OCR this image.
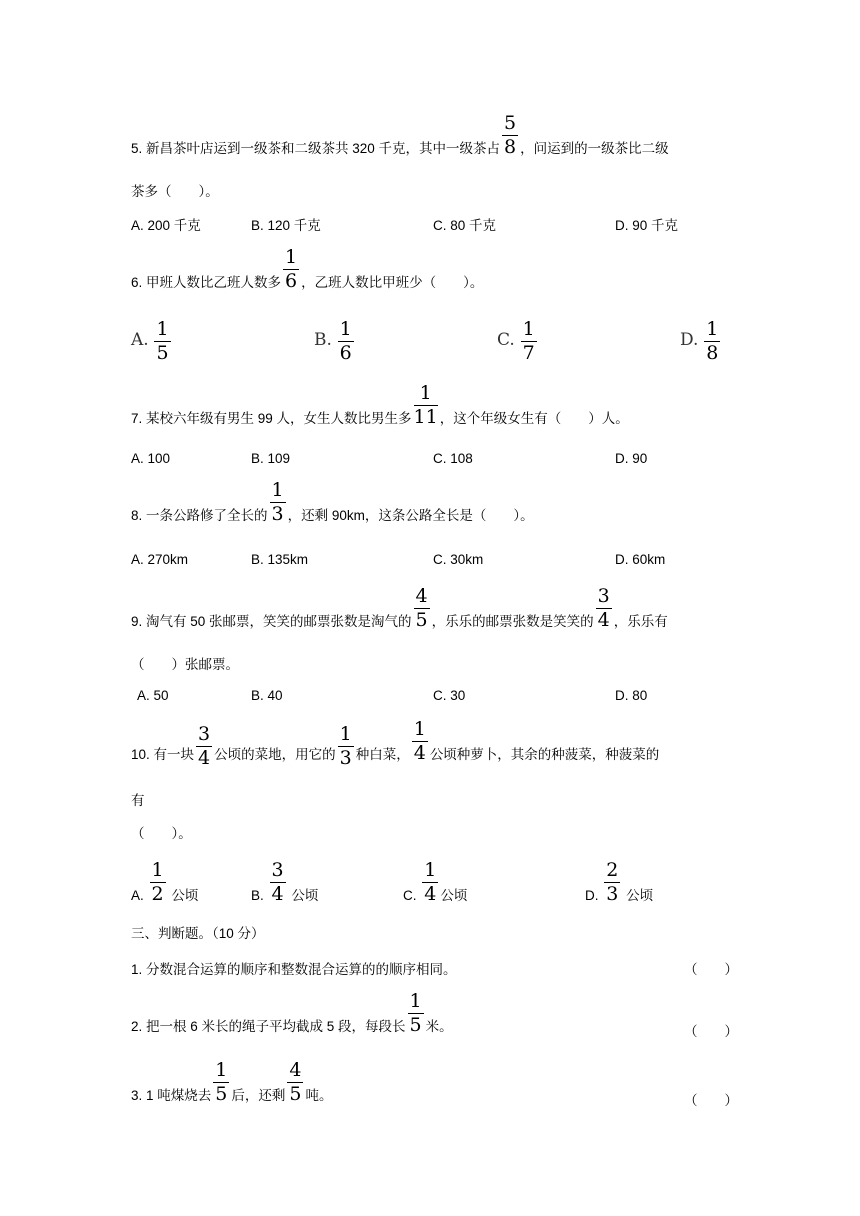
5. 新昌茶叶店运到一级茶和二级茶共 320 千克，其中一级茶占 $\frac{5}{8}$ ，问运到的一级茶比二级
茶多（　　）。
A. 200 千克	B. 120 千克	C. 80 千克	D. 90 千克
6. 甲班人数比乙班人数多 $\frac{1}{6}$ ，乙班人数比甲班少（　　）。
A. $\frac{1}{5}$	B. $\frac{1}{6}$	C. $\frac{1}{7}$	D. $\frac{1}{8}$
7. 某校六年级有男生 99 人，女生人数比男生多 $\frac{1}{11}$ ，这个年级女生有（　　）人。
A. 100	B. 109	C. 108	D. 90
8. 一条公路修了全长的 $\frac{1}{3}$ ，还剩 90km，这条公路全长是（　　）。
A. 270km	B. 135km	C. 30km	D. 60km
9. 淘气有 50 张邮票，笑笑的邮票张数是淘气的 $\frac{4}{5}$ ，乐乐的邮票张数是笑笑的 $\frac{3}{4}$ ，乐乐有
（　　）张邮票。
A. 50	B. 40	C. 30	D. 80
10. 有一块 $\frac{3}{4}$ 公顷的菜地，用它的 $\frac{1}{3}$ 种白菜， $\frac{1}{4}$ 公顷种萝卜，其余的种菠菜，种菠菜的
有
（　　）。
A. $\frac{1}{2}$ 公顷	B. $\frac{3}{4}$ 公顷	C. $\frac{1}{4}$ 公顷	D. $\frac{2}{3}$ 公顷
三、判断题。（10 分）
1. 分数混合运算的顺序和整数混合运算的的顺序相同。	（　　）
2. 把一根 6 米长的绳子平均截成 5 段，每段长 $\frac{1}{5}$ 米。	（　　）
3. 1 吨煤烧去 $\frac{1}{5}$ 后，还剩 $\frac{4}{5}$ 吨。	（　　）
